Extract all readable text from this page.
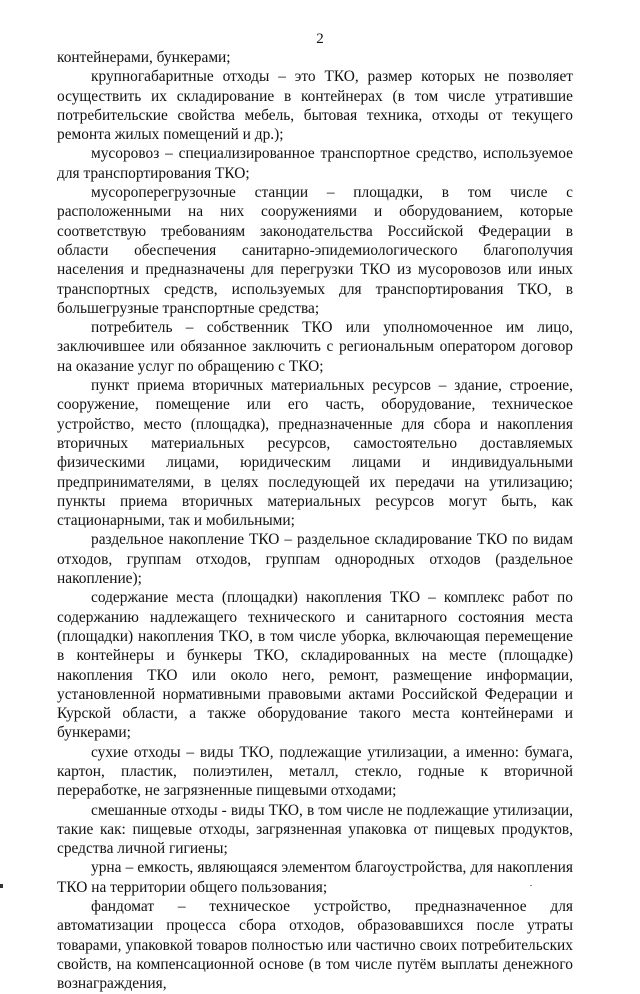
2

контейнерами, бункерами;

крупногабаритные отходы – это ТКО, размер которых не позволяет осуществить их складирование в контейнерах (в том числе утратившие потребительские свойства мебель, бытовая техника, отходы от текущего ремонта жилых помещений и др.);

мусоровоз – специализированное транспортное средство, используемое для транспортирования ТКО;

мусороперегрузочные станции – площадки, в том числе с расположенными на них сооружениями и оборудованием, которые соответствую требованиям законодательства Российской Федерации в области обеспечения санитарно-эпидемиологического благополучия населения и предназначены для перегрузки ТКО из мусоровозов или иных транспортных средств, используемых для транспортирования ТКО, в большегрузные транспортные средства;

потребитель – собственник ТКО или уполномоченное им лицо, заключившее или обязанное заключить с региональным оператором договор на оказание услуг по обращению с ТКО;

пункт приема вторичных материальных ресурсов – здание, строение, сооружение, помещение или его часть, оборудование, техническое устройство, место (площадка), предназначенные для сбора и накопления вторичных материальных ресурсов, самостоятельно доставляемых физическими лицами, юридическим лицами и индивидуальными предпринимателями, в целях последующей их передачи на утилизацию; пункты приема вторичных материальных ресурсов могут быть, как стационарными, так и мобильными;

раздельное накопление ТКО – раздельное складирование ТКО по видам отходов, группам отходов, группам однородных отходов (раздельное накопление);

содержание места (площадки) накопления ТКО – комплекс работ по содержанию надлежащего технического и санитарного состояния места (площадки) накопления ТКО, в том числе уборка, включающая перемещение в контейнеры и бункеры ТКО, складированных на месте (площадке) накопления ТКО или около него, ремонт, размещение информации, установленной нормативными правовыми актами Российской Федерации и Курской области, а также оборудование такого места контейнерами и бункерами;

сухие отходы – виды ТКО, подлежащие утилизации, а именно: бумага, картон, пластик, полиэтилен, металл, стекло, годные к вторичной переработке, не загрязненные пищевыми отходами;

смешанные отходы - виды ТКО, в том числе не подлежащие утилизации, такие как: пищевые отходы, загрязненная упаковка от пищевых продуктов, средства личной гигиены;

урна – емкость, являющаяся элементом благоустройства, для накопления ТКО на территории общего пользования;

фандомат – техническое устройство, предназначенное для автоматизации процесса сбора отходов, образовавшихся после утраты товарами, упаковкой товаров полностью или частично своих потребительских свойств, на компенсационной основе (в том числе путём выплаты денежного вознаграждения,
